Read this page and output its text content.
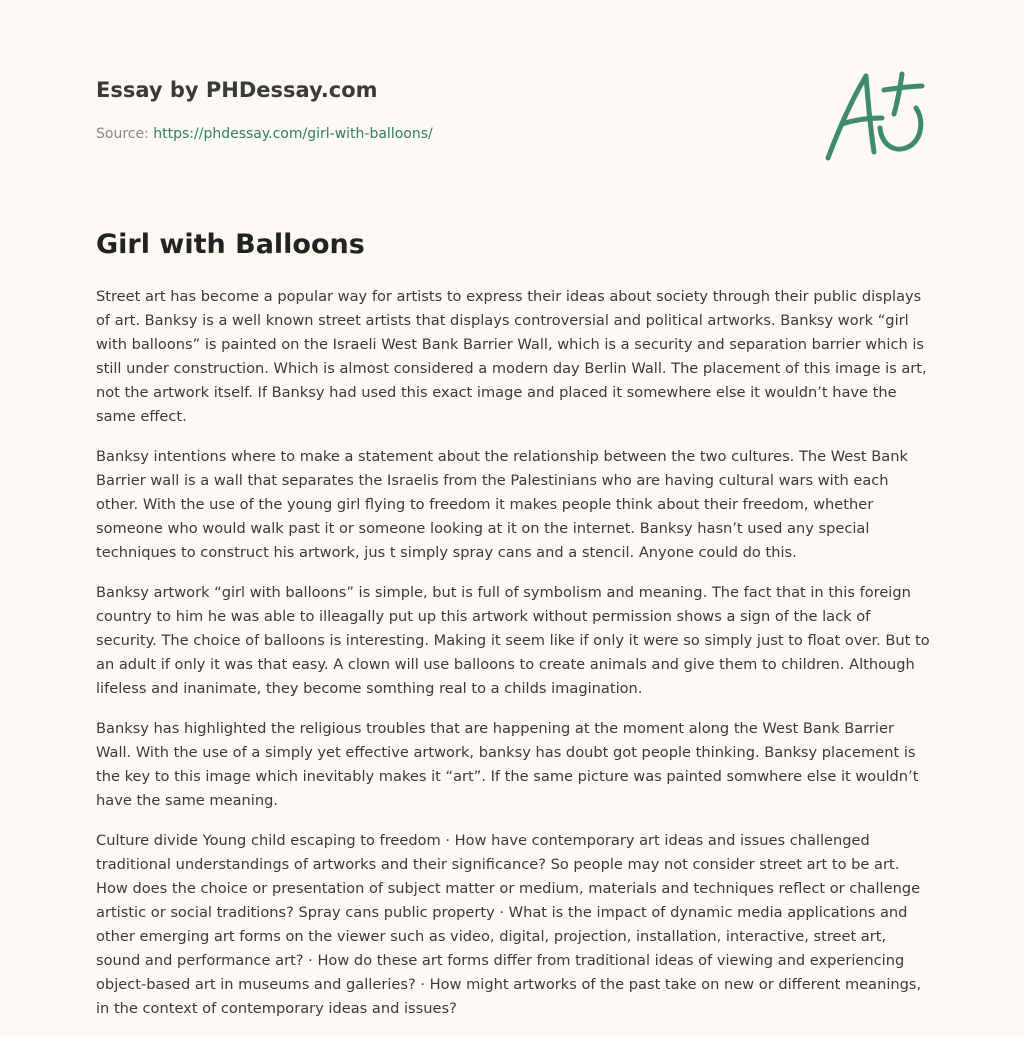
Essay by PHDessay.com
Source: https://phdessay.com/girl-with-balloons/
Girl with Balloons

Street art has become a popular way for artists to express their ideas about society through their public displays of art. Banksy is a well known street artists that displays controversial and political artworks. Banksy work “girl with balloons” is painted on the Israeli West Bank Barrier Wall, which is a security and separation barrier which is still under construction. Which is almost considered a modern day Berlin Wall. The placement of this image is art, not the artwork itself. If Banksy had used this exact image and placed it somewhere else it wouldn’t have the same effect.

Banksy intentions where to make a statement about the relationship between the two cultures. The West Bank Barrier wall is a wall that separates the Israelis from the Palestinians who are having cultural wars with each other. With the use of the young girl flying to freedom it makes people think about their freedom, whether someone who would walk past it or someone looking at it on the internet. Banksy hasn’t used any special techniques to construct his artwork, jus t simply spray cans and a stencil. Anyone could do this.

Banksy artwork “girl with balloons” is simple, but is full of symbolism and meaning. The fact that in this foreign country to him he was able to illeagally put up this artwork without permission shows a sign of the lack of security. The choice of balloons is interesting. Making it seem like if only it were so simply just to float over. But to an adult if only it was that easy. A clown will use balloons to create animals and give them to children. Although lifeless and inanimate, they become somthing real to a childs imagination.

Banksy has highlighted the religious troubles that are happening at the moment along the West Bank Barrier Wall. With the use of a simply yet effective artwork, banksy has doubt got people thinking. Banksy placement is the key to this image which inevitably makes it “art”. If the same picture was painted somwhere else it wouldn’t have the same meaning.

Culture divide Young child escaping to freedom · How have contemporary art ideas and issues challenged traditional understandings of artworks and their significance? So people may not consider street art to be art. How does the choice or presentation of subject matter or medium, materials and techniques reflect or challenge artistic or social traditions? Spray cans public property · What is the impact of dynamic media applications and other emerging art forms on the viewer such as video, digital, projection, installation, interactive, street art, sound and performance art? · How do these art forms differ from traditional ideas of viewing and experiencing object-based art in museums and galleries? · How might artworks of the past take on new or different meanings, in the context of contemporary ideas and issues?
